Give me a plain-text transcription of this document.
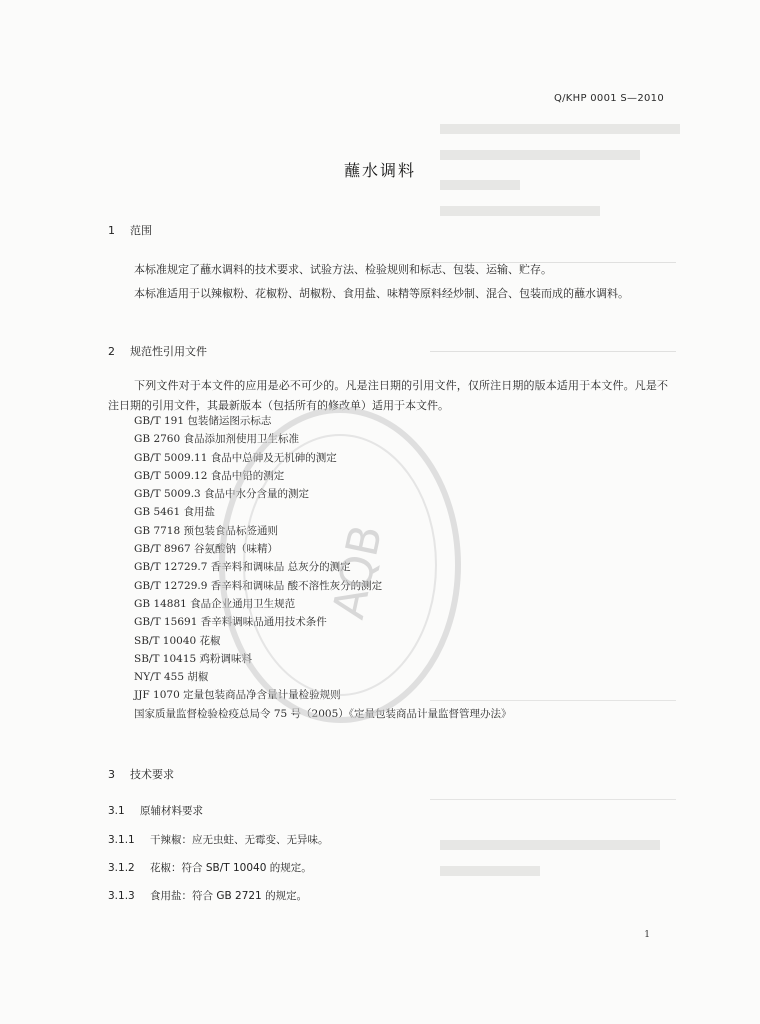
Q/KHP 0001 S—2010
蘸水调料
1 范围
本标准规定了蘸水调料的技术要求、试验方法、检验规则和标志、包装、运输、贮存。
本标准适用于以辣椒粉、花椒粉、胡椒粉、食用盐、味精等原料经炒制、混合、包装而成的蘸水调料。
2 规范性引用文件
下列文件对于本文件的应用是必不可少的。凡是注日期的引用文件，仅所注日期的版本适用于本文件。凡是不注日期的引用文件，其最新版本（包括所有的修改单）适用于本文件。
GB/T 191 包装储运图示标志
GB 2760 食品添加剂使用卫生标准
GB/T 5009.11 食品中总砷及无机砷的测定
GB/T 5009.12 食品中铅的测定
GB/T 5009.3 食品中水分含量的测定
GB 5461 食用盐
GB 7718 预包装食品标签通则
GB/T 8967 谷氨酸钠（味精）
GB/T 12729.7 香辛料和调味品 总灰分的测定
GB/T 12729.9 香辛料和调味品 酸不溶性灰分的测定
GB 14881 食品企业通用卫生规范
GB/T 15691 香辛料调味品通用技术条件
SB/T 10040 花椒
SB/T 10415 鸡粉调味料
NY/T 455 胡椒
JJF 1070 定量包装商品净含量计量检验规则
国家质量监督检验检疫总局令 75 号（2005）《定量包装商品计量监督管理办法》
3 技术要求
3.1 原辅材料要求
3.1.1 干辣椒：应无虫蛀、无霉变、无异味。
3.1.2 花椒：符合 SB/T 10040 的规定。
3.1.3 食用盐：符合 GB 2721 的规定。
1
AQB
